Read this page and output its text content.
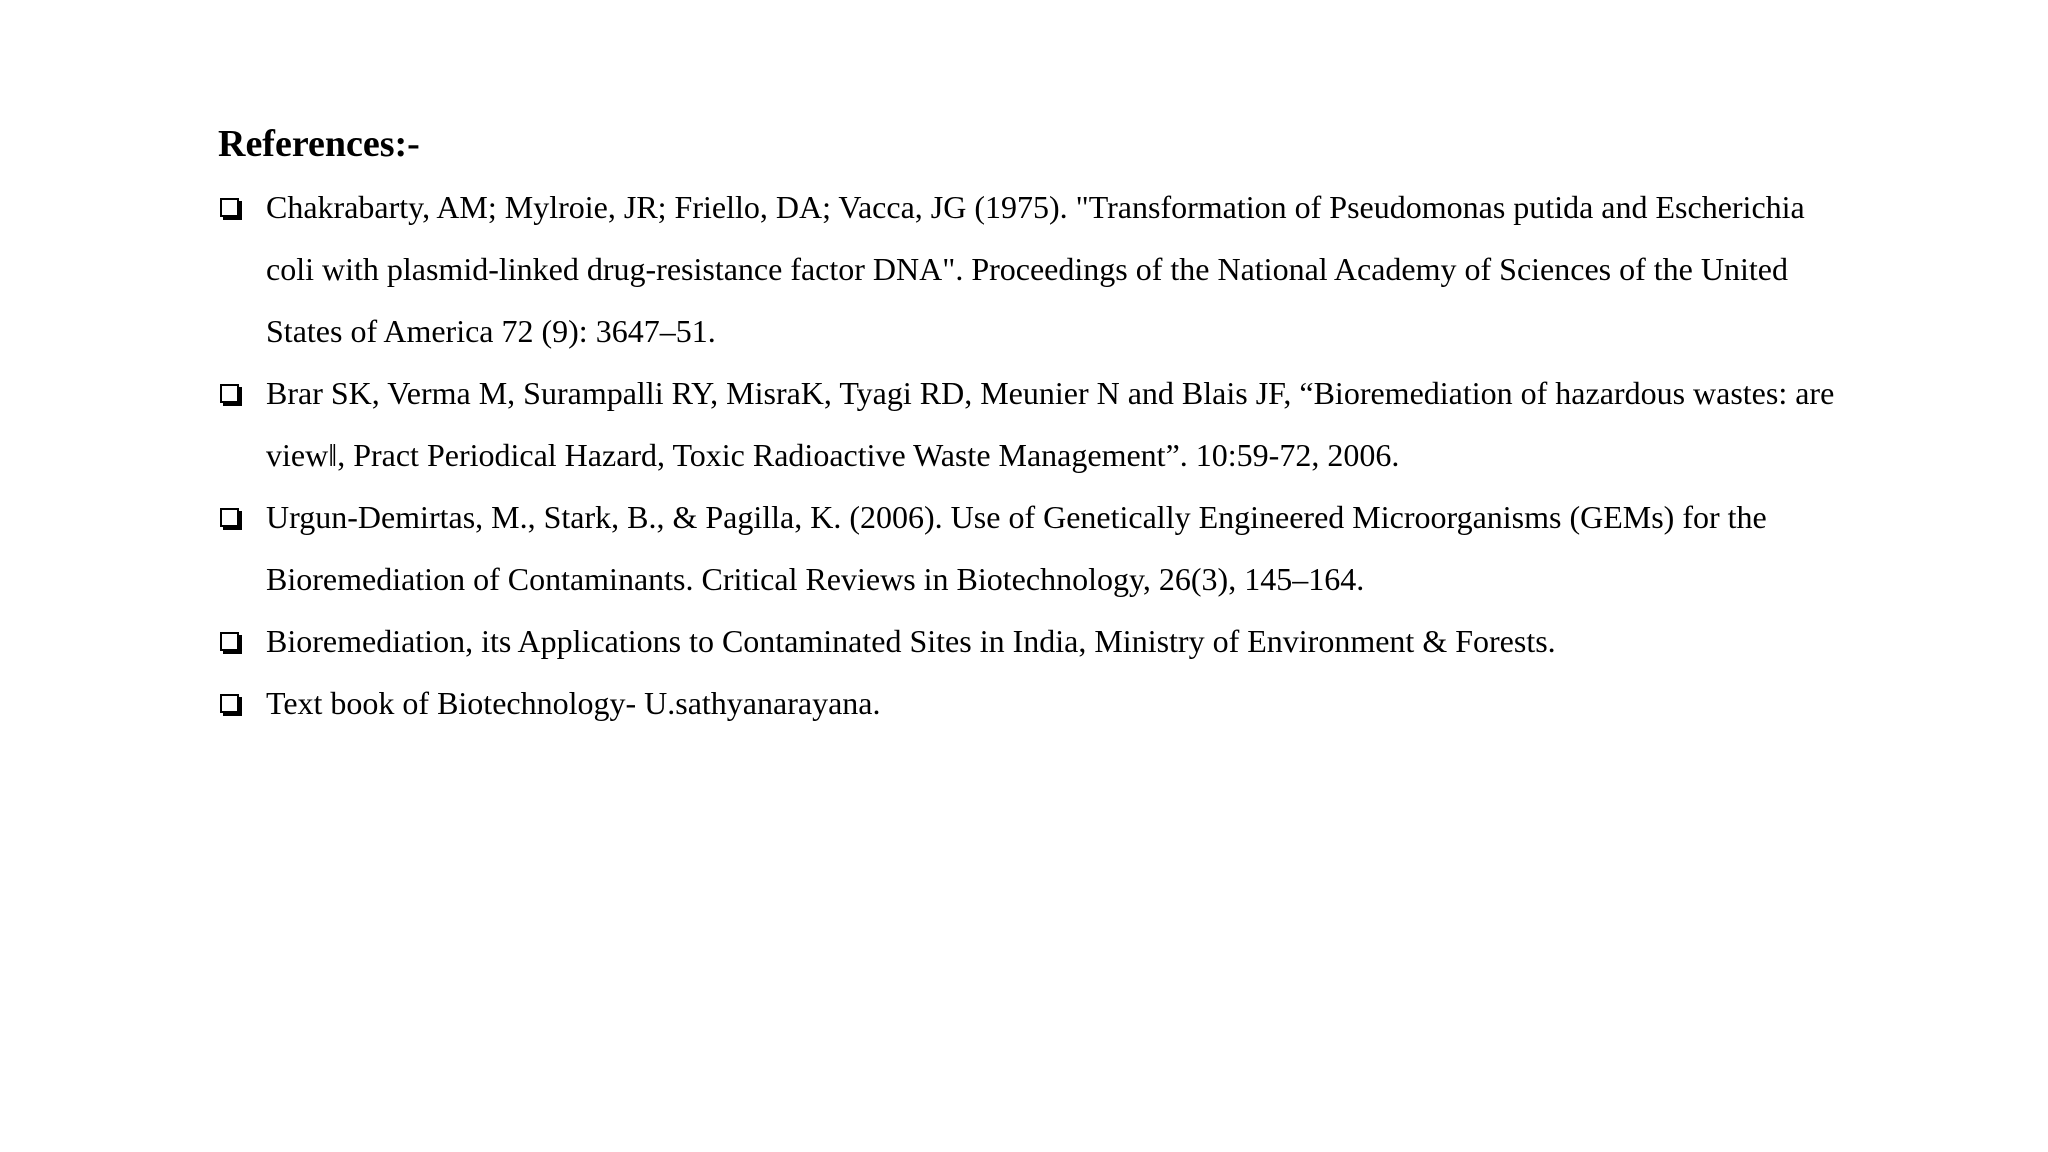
References:-
Chakrabarty, AM; Mylroie, JR; Friello, DA; Vacca, JG (1975). "Transformation of Pseudomonas putida and Escherichia coli with plasmid-linked drug-resistance factor DNA". Proceedings of the National Academy of Sciences of the United States of America 72 (9): 3647–51.
Brar SK, Verma M, Surampalli RY, MisraK, Tyagi RD, Meunier N and Blais JF, “Bioremediation of hazardous wastes: are view‖, Pract Periodical Hazard, Toxic Radioactive Waste Management”. 10:59-72, 2006.
Urgun-Demirtas, M., Stark, B., & Pagilla, K. (2006). Use of Genetically Engineered Microorganisms (GEMs) for the Bioremediation of Contaminants. Critical Reviews in Biotechnology, 26(3), 145–164.
Bioremediation, its Applications to Contaminated Sites in India, Ministry of Environment & Forests.
Text book of Biotechnology- U.sathyanarayana.
